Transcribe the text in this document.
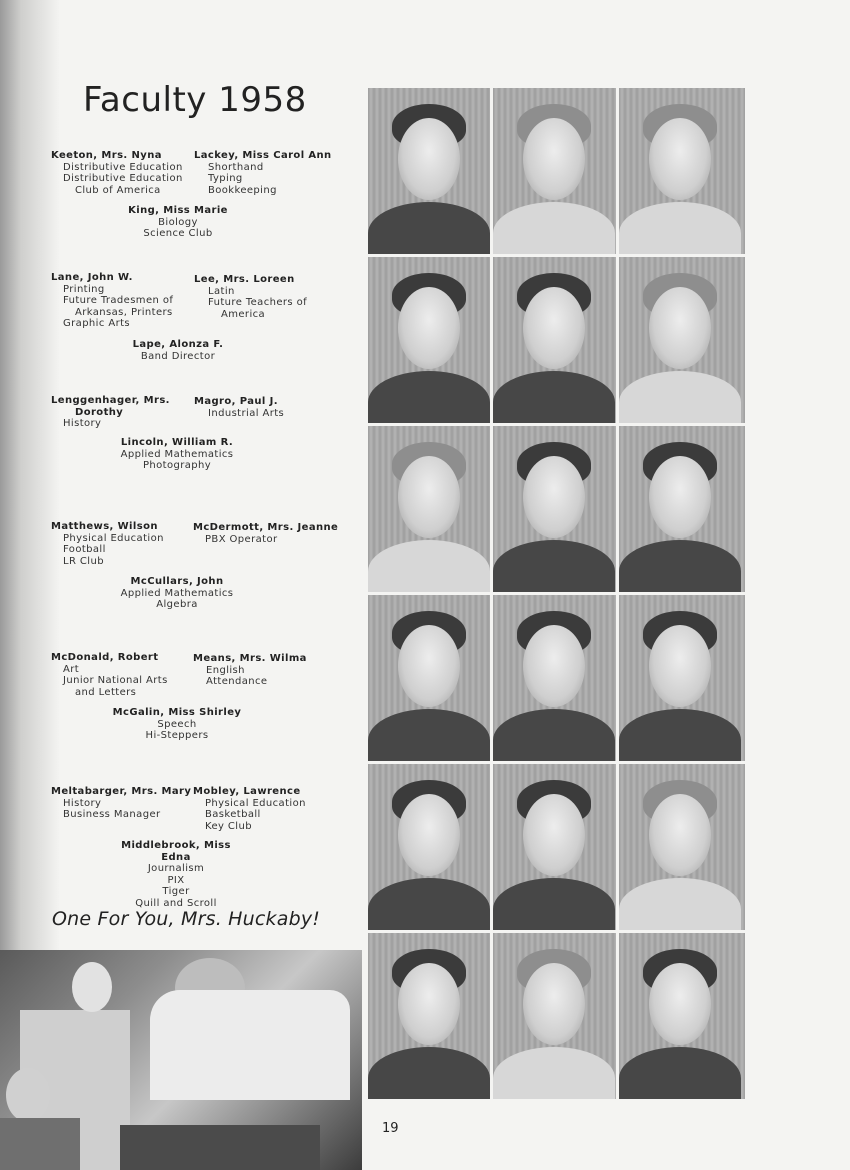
Faculty 1958
Keeton, Mrs. Nyna
Distributive Education
Distributive Education
Club of America
Lackey, Miss Carol Ann
Shorthand
Typing
Bookkeeping
King, Miss Marie
Biology
Science Club
Lane, John W.
Printing
Future Tradesmen of
Arkansas, Printers
Graphic Arts
Lee, Mrs. Loreen
Latin
Future Teachers of
America
Lape, Alonza F.
Band Director
Lenggenhager, Mrs.
Dorothy
History
Magro, Paul J.
Industrial Arts
Lincoln, William R.
Applied Mathematics
Photography
Matthews, Wilson
Physical Education
Football
LR Club
McDermott, Mrs. Jeanne
PBX Operator
McCullars, John
Applied Mathematics
Algebra
McDonald, Robert
Art
Junior National Arts
and Letters
Means, Mrs. Wilma
English
Attendance
McGalin, Miss Shirley
Speech
Hi-Steppers
Meltabarger, Mrs. Mary
History
Business Manager
Mobley, Lawrence
Physical Education
Basketball
Key Club
Middlebrook, Miss Edna
Journalism
PIX
Tiger
Quill and Scroll
One For You, Mrs. Huckaby!
19
